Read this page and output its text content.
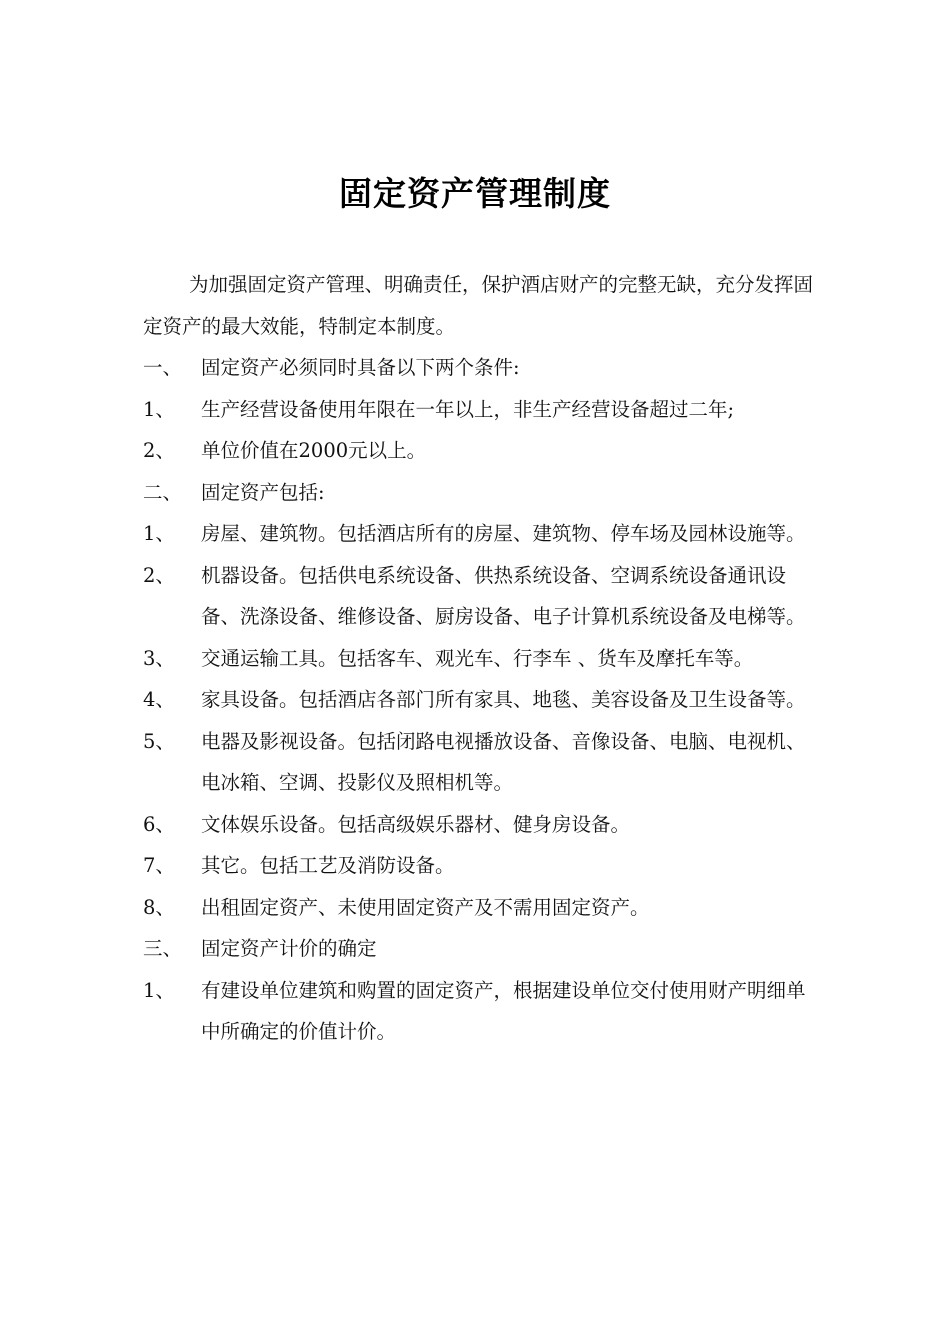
固定资产管理制度

为加强固定资产管理、明确责任，保护酒店财产的完整无缺，充分发挥固定资产的最大效能，特制定本制度。

一、 固定资产必须同时具备以下两个条件:
1、	生产经营设备使用年限在一年以上，非生产经营设备超过二年;
2、	单位价值在2000元以上。
二、 固定资产包括:
1、	房屋、建筑物。包括酒店所有的房屋、建筑物、停车场及园林设施等。
2、	机器设备。包括供电系统设备、供热系统设备、空调系统设备通讯设备、洗涤设备、维修设备、厨房设备、电子计算机系统设备及电梯等。
3、	交通运输工具。包括客车、观光车、行李车 、货车及摩托车等。
4、	家具设备。包括酒店各部门所有家具、地毯、美容设备及卫生设备等。
5、	电器及影视设备。包括闭路电视播放设备、音像设备、电脑、电视机、电冰箱、空调、投影仪及照相机等。
6、	文体娱乐设备。包括高级娱乐器材、健身房设备。
7、	其它。包括工艺及消防设备。
8、	出租固定资产、未使用固定资产及不需用固定资产。
三、 固定资产计价的确定
1、	有建设单位建筑和购置的固定资产，根据建设单位交付使用财产明细单中所确定的价值计价。
